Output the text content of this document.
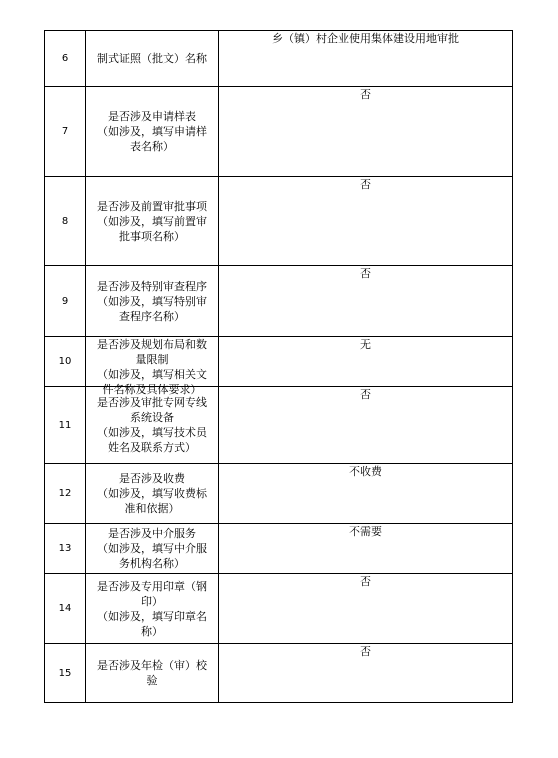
6	制式证照（批文）名称	乡（镇）村企业使用集体建设用地审批
7	是否涉及申请样表
（如涉及，填写申请样
表名称）	否
8	是否涉及前置审批事项
（如涉及，填写前置审
批事项名称）	否
9	是否涉及特别审查程序
（如涉及，填写特别审
查程序名称）	否
10	是否涉及规划布局和数
量限制
（如涉及，填写相关文
件名称及具体要求）	无
11	是否涉及审批专网专线
系统设备
（如涉及，填写技术员
姓名及联系方式）	否
12	是否涉及收费
（如涉及，填写收费标
准和依据）	不收费
13	是否涉及中介服务
（如涉及，填写中介服
务机构名称）	不需要
14	是否涉及专用印章（钢
印）
（如涉及，填写印章名
称）	否
15	是否涉及年检（审）校
验	否
